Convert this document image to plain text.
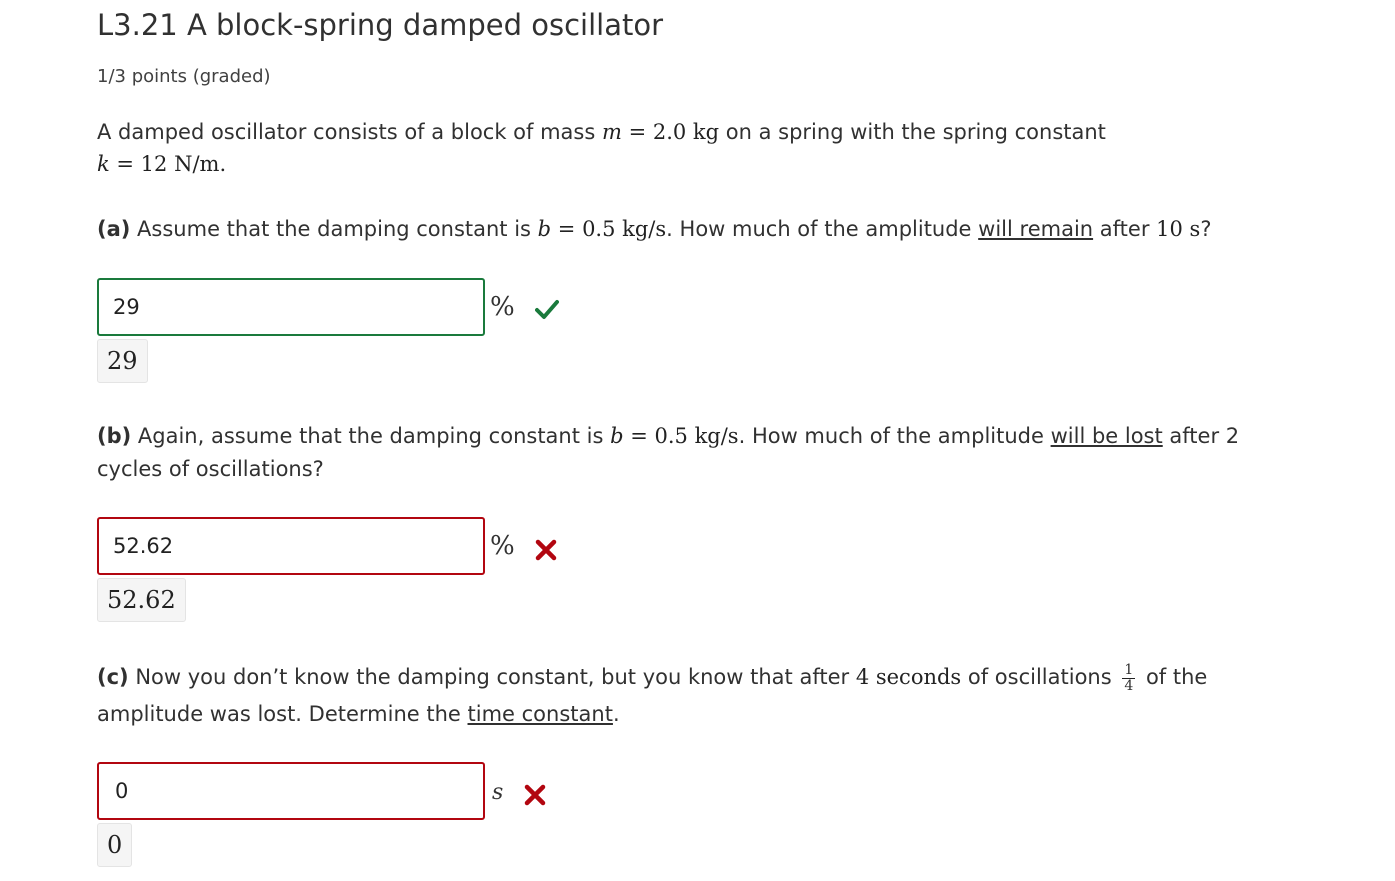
L3.21 A block-spring damped oscillator
1/3 points (graded)
A damped oscillator consists of a block of mass m = 2.0 kg on a spring with the spring constant
k = 12 N/m.
(a) Assume that the damping constant is b = 0.5 kg/s. How much of the amplitude will remain after 10 s?
29
%
29
(b) Again, assume that the damping constant is b = 0.5 kg/s. How much of the amplitude will be lost after 2
cycles of oscillations?
52.62
%
52.62
(c) Now you don’t know the damping constant, but you know that after 4 seconds of oscillations $\frac{1}{4}$ of the
amplitude was lost. Determine the time constant.
0
s
0
